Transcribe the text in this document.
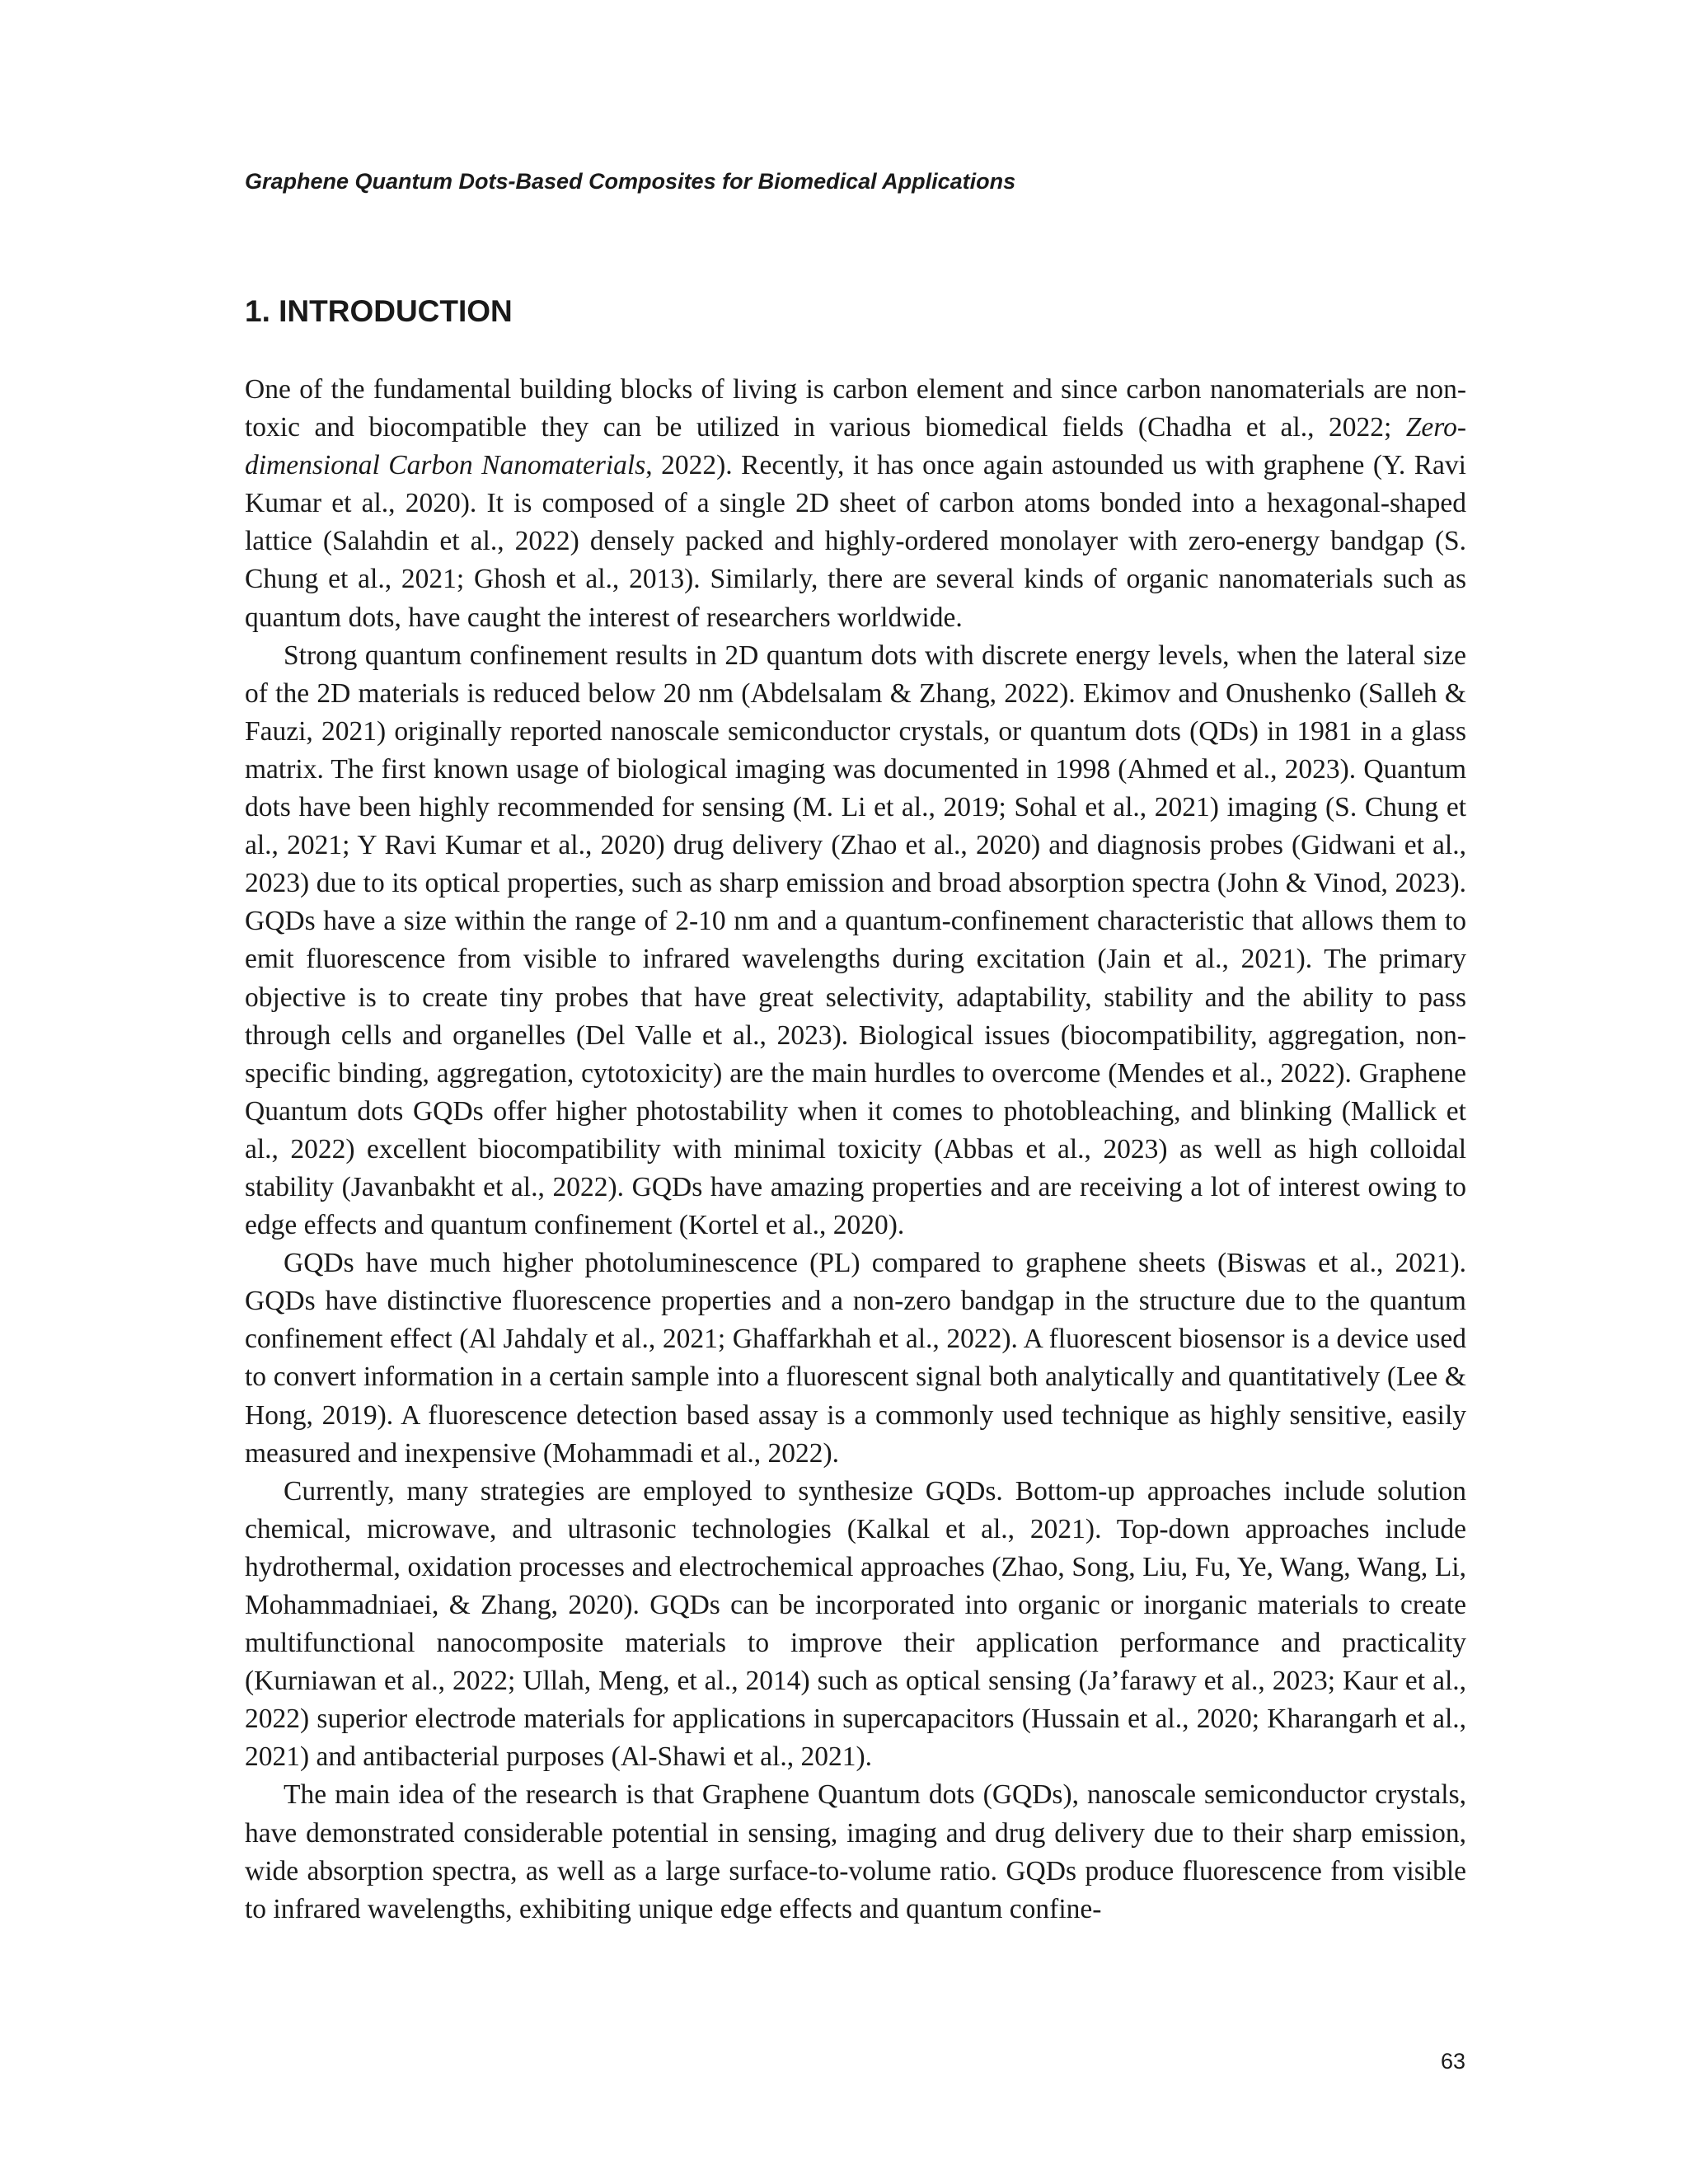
Graphene Quantum Dots-Based Composites for Biomedical Applications
1. INTRODUCTION

One of the fundamental building blocks of living is carbon element and since carbon nanomaterials are non-toxic and biocompatible they can be utilized in various biomedical fields (Chadha et al., 2022; Zero-dimensional Carbon Nanomaterials, 2022). Recently, it has once again astounded us with graphene (Y. Ravi Kumar et al., 2020). It is composed of a single 2D sheet of carbon atoms bonded into a hexagonal-shaped lattice (Salahdin et al., 2022) densely packed and highly-ordered monolayer with zero-energy bandgap (S. Chung et al., 2021; Ghosh et al., 2013). Similarly, there are several kinds of organic nanomaterials such as quantum dots, have caught the interest of researchers worldwide.

Strong quantum confinement results in 2D quantum dots with discrete energy levels, when the lateral size of the 2D materials is reduced below 20 nm (Abdelsalam & Zhang, 2022). Ekimov and Onushenko (Salleh & Fauzi, 2021) originally reported nanoscale semiconductor crystals, or quantum dots (QDs) in 1981 in a glass matrix. The first known usage of biological imaging was documented in 1998 (Ahmed et al., 2023). Quantum dots have been highly recommended for sensing (M. Li et al., 2019; Sohal et al., 2021) imaging (S. Chung et al., 2021; Y Ravi Kumar et al., 2020) drug delivery (Zhao et al., 2020) and diagnosis probes (Gidwani et al., 2023) due to its optical properties, such as sharp emission and broad absorption spectra (John & Vinod, 2023). GQDs have a size within the range of 2-10 nm and a quantum-confinement characteristic that allows them to emit fluorescence from visible to infrared wavelengths during excitation (Jain et al., 2021). The primary objective is to create tiny probes that have great selectivity, adaptability, stability and the ability to pass through cells and organelles (Del Valle et al., 2023). Biological issues (biocompatibility, aggregation, non-specific binding, aggregation, cytotoxicity) are the main hurdles to overcome (Mendes et al., 2022). Graphene Quantum dots GQDs offer higher photostability when it comes to photobleaching, and blinking (Mallick et al., 2022) excellent biocompatibility with minimal toxicity (Abbas et al., 2023) as well as high colloidal stability (Javanbakht et al., 2022). GQDs have amazing properties and are receiving a lot of interest owing to edge effects and quantum confinement (Kortel et al., 2020).

GQDs have much higher photoluminescence (PL) compared to graphene sheets (Biswas et al., 2021). GQDs have distinctive fluorescence properties and a non-zero bandgap in the structure due to the quantum confinement effect (Al Jahdaly et al., 2021; Ghaffarkhah et al., 2022). A fluorescent biosensor is a device used to convert information in a certain sample into a fluorescent signal both analytically and quantitatively (Lee & Hong, 2019). A fluorescence detection based assay is a commonly used technique as highly sensitive, easily measured and inexpensive (Mohammadi et al., 2022).

Currently, many strategies are employed to synthesize GQDs. Bottom-up approaches include solution chemical, microwave, and ultrasonic technologies (Kalkal et al., 2021). Top-down approaches include hydrothermal, oxidation processes and electrochemical approaches (Zhao, Song, Liu, Fu, Ye, Wang, Wang, Li, Mohammadniaei, & Zhang, 2020). GQDs can be incorporated into organic or inorganic materials to create multifunctional nanocomposite materials to improve their application performance and practicality (Kurniawan et al., 2022; Ullah, Meng, et al., 2014) such as optical sensing (Ja’farawy et al., 2023; Kaur et al., 2022) superior electrode materials for applications in supercapacitors (Hussain et al., 2020; Kharangarh et al., 2021) and antibacterial purposes (Al-Shawi et al., 2021).

The main idea of the research is that Graphene Quantum dots (GQDs), nanoscale semiconductor crystals, have demonstrated considerable potential in sensing, imaging and drug delivery due to their sharp emission, wide absorption spectra, as well as a large surface-to-volume ratio. GQDs produce fluorescence from visible to infrared wavelengths, exhibiting unique edge effects and quantum confine-

63
